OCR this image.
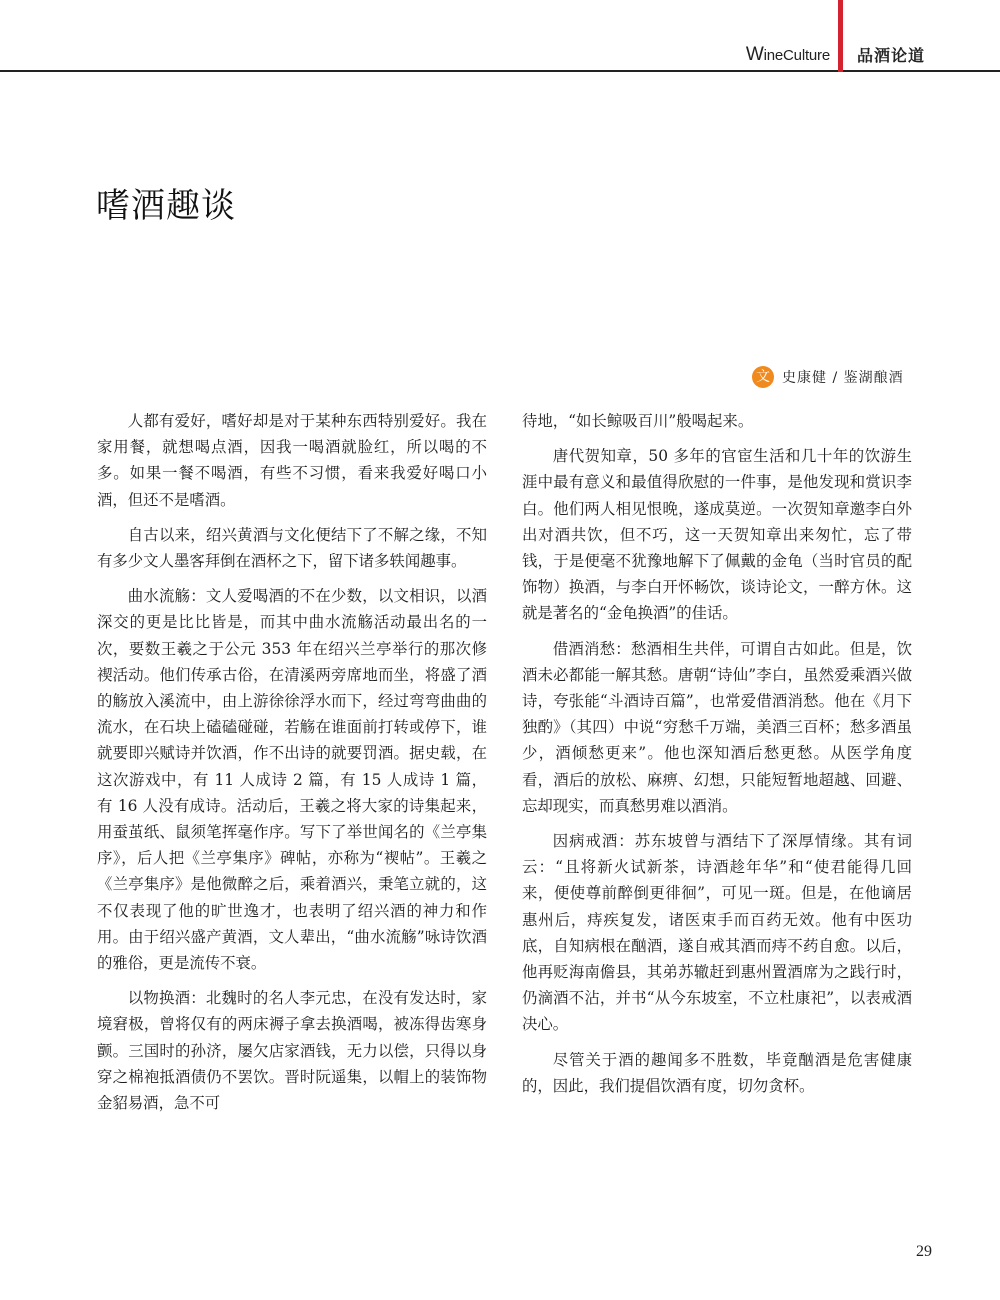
WineCulture 品酒论道
嗜酒趣谈
文 史康健 / 鉴湖酿酒

人都有爱好，嗜好却是对于某种东西特别爱好。我在家用餐，就想喝点酒，因我一喝酒就脸红，所以喝的不多。如果一餐不喝酒，有些不习惯，看来我爱好喝口小酒，但还不是嗜酒。

自古以来，绍兴黄酒与文化便结下了不解之缘，不知有多少文人墨客拜倒在酒杯之下，留下诸多轶闻趣事。

曲水流觞：文人爱喝酒的不在少数，以文相识，以酒深交的更是比比皆是，而其中曲水流觞活动最出名的一次，要数王羲之于公元 353 年在绍兴兰亭举行的那次修禊活动。他们传承古俗，在清溪两旁席地而坐，将盛了酒的觞放入溪流中，由上游徐徐浮水而下，经过弯弯曲曲的流水，在石块上磕磕碰碰，若觞在谁面前打转或停下，谁就要即兴赋诗并饮酒，作不出诗的就要罚酒。据史载，在这次游戏中，有 11 人成诗 2 篇，有 15 人成诗 1 篇，有 16 人没有成诗。活动后，王羲之将大家的诗集起来，用蚕茧纸、鼠须笔挥毫作序。写下了举世闻名的《兰亭集序》，后人把《兰亭集序》碑帖，亦称为“褉帖”。王羲之《兰亭集序》是他微醉之后，乘着酒兴，秉笔立就的，这不仅表现了他的旷世逸才，也表明了绍兴酒的神力和作用。由于绍兴盛产黄酒，文人辈出，“曲水流觞”咏诗饮酒的雅俗，更是流传不衰。

以物换酒：北魏时的名人李元忠，在没有发达时，家境窘极，曾将仅有的两床褥子拿去换酒喝，被冻得齿寒身颤。三国时的孙济，屡欠店家酒钱，无力以偿，只得以身穿之棉袍抵酒债仍不罢饮。晋时阮遥集，以帽上的装饰物金貂易酒，急不可

待地，“如长鲸吸百川”般喝起来。

唐代贺知章，50 多年的官宦生活和几十年的饮游生涯中最有意义和最值得欣慰的一件事，是他发现和赏识李白。他们两人相见恨晚，遂成莫逆。一次贺知章邀李白外出对酒共饮，但不巧，这一天贺知章出来匆忙，忘了带钱，于是便毫不犹豫地解下了佩戴的金龟（当时官员的配饰物）换酒，与李白开怀畅饮，谈诗论文，一醉方休。这就是著名的“金龟换酒”的佳话。

借酒消愁：愁酒相生共伴，可谓自古如此。但是，饮酒未必都能一解其愁。唐朝“诗仙”李白，虽然爱乘酒兴做诗，夸张能“斗酒诗百篇”，也常爱借酒消愁。他在《月下独酌》（其四）中说“穷愁千万端，美酒三百杯；愁多酒虽少，酒倾愁更来”。他也深知酒后愁更愁。从医学角度看，酒后的放松、麻痹、幻想，只能短暂地超越、回避、忘却现实，而真愁男难以酒消。

因病戒酒：苏东坡曾与酒结下了深厚情缘。其有词云：“且将新火试新茶，诗酒趁年华”和“使君能得几回来，便使尊前醉倒更徘徊”，可见一斑。但是，在他谪居惠州后，痔疾复发，诸医束手而百药无效。他有中医功底，自知病根在酗酒，遂自戒其酒而痔不药自愈。以后，他再贬海南儋县，其弟苏辙赶到惠州置酒席为之践行时，仍滴酒不沾，并书“从今东坡室，不立杜康祀”，以表戒酒决心。

尽管关于酒的趣闻多不胜数，毕竟酗酒是危害健康的，因此，我们提倡饮酒有度，切勿贪杯。

29
